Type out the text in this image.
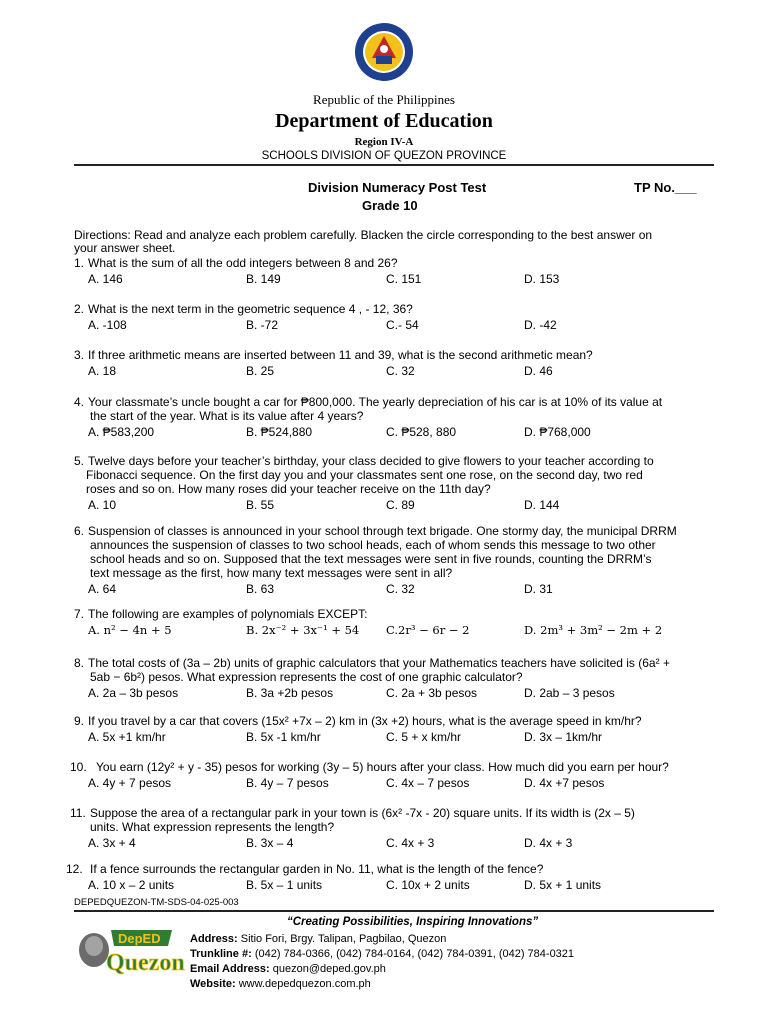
Republic of the Philippines
Department of Education
Region IV-A
SCHOOLS DIVISION OF QUEZON PROVINCE
Division Numeracy Post Test	TP No.___
Grade 10
Directions: Read and analyze each problem carefully. Blacken the circle corresponding to the best answer on
your answer sheet.
1. What is the sum of all the odd integers between 8 and 26?
A. 146	B. 149	C. 151	D. 153
2. What is the next term in the geometric sequence 4 , - 12, 36?
A. -108	B. -72	C.- 54	D. -42
3. If three arithmetic means are inserted between 11 and 39, what is the second arithmetic mean?
A. 18	B. 25	C. 32	D. 46
4. Your classmate’s uncle bought a car for ₱800,000. The yearly depreciation of his car is at 10% of its value at
the start of the year. What is its value after 4 years?
A. ₱583,200	B. ₱524,880	C. ₱528, 880	D. ₱768,000
5. Twelve days before your teacher’s birthday, your class decided to give flowers to your teacher according to
Fibonacci sequence. On the first day you and your classmates sent one rose, on the second day, two red
roses and so on. How many roses did your teacher receive on the 11th day?
A. 10	B. 55	C. 89	D. 144
6. Suspension of classes is announced in your school through text brigade. One stormy day, the municipal DRRM
announces the suspension of classes to two school heads, each of whom sends this message to two other
school heads and so on. Supposed that the text messages were sent in five rounds, counting the DRRM’s
text message as the first, how many text messages were sent in all?
A. 64	B. 63	C. 32	D. 31
7. The following are examples of polynomials EXCEPT:
A. n² − 4n + 5	B. 2x⁻² + 3x⁻¹ + 54 C.2r³ − 6r − 2	D. 2m³ + 3m² − 2m + 2
8. The total costs of (3a – 2b) units of graphic calculators that your Mathematics teachers have solicited is (6a² +
5ab − 6b²) pesos. What expression represents the cost of one graphic calculator?
A. 2a – 3b pesos	B. 3a +2b pesos	C. 2a + 3b pesos	D. 2ab – 3 pesos
9. If you travel by a car that covers (15x² +7x – 2) km in (3x +2) hours, what is the average speed in km/hr?
A. 5x +1 km/hr	B. 5x -1 km/hr	C. 5 + x km/hr	D. 3x – 1km/hr
10. You earn (12y² + y - 35) pesos for working (3y – 5) hours after your class. How much did you earn per hour?
A. 4y + 7 pesos	B. 4y – 7 pesos	C. 4x – 7 pesos	D. 4x +7 pesos
11. Suppose the area of a rectangular park in your town is (6x² -7x - 20) square units. If its width is (2x – 5)
units. What expression represents the length?
A. 3x + 4	B. 3x – 4	C. 4x + 3	D. 4x + 3
12. If a fence surrounds the rectangular garden in No. 11, what is the length of the fence?
A. 10 x – 2 units	B. 5x – 1 units	C. 10x + 2 units	D. 5x + 1 units
DEPEDQUEZON-TM-SDS-04-025-003
“Creating Possibilities, Inspiring Innovations”
DepED
Quezon
Address: Sitio Fori, Brgy. Talipan, Pagbilao, Quezon
Trunkline #: (042) 784-0366, (042) 784-0164, (042) 784-0391, (042) 784-0321
Email Address: quezon@deped.gov.ph
Website: www.depedquezon.com.ph
